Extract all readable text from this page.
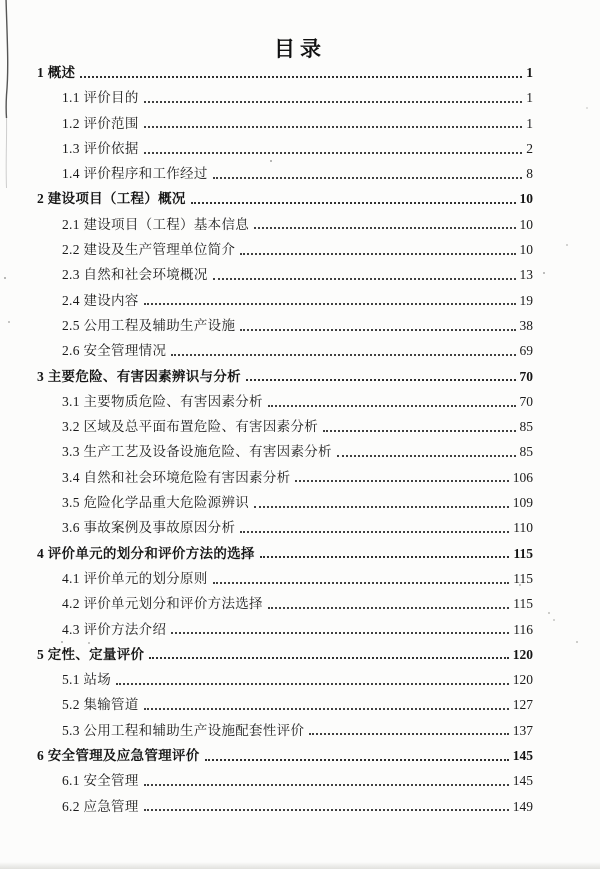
目录
1 概述	1
1.1 评价目的	1
1.2 评价范围	1
1.3 评价依据	2
1.4 评价程序和工作经过	8
2 建设项目（工程）概况	10
2.1 建设项目（工程）基本信息	10
2.2 建设及生产管理单位简介	10
2.3 自然和社会环境概况	13
2.4 建设内容	19
2.5 公用工程及辅助生产设施	38
2.6 安全管理情况	69
3 主要危险、有害因素辨识与分析	70
3.1 主要物质危险、有害因素分析	70
3.2 区域及总平面布置危险、有害因素分析	85
3.3 生产工艺及设备设施危险、有害因素分析	85
3.4 自然和社会环境危险有害因素分析	106
3.5 危险化学品重大危险源辨识	109
3.6 事故案例及事故原因分析	110
4 评价单元的划分和评价方法的选择	115
4.1 评价单元的划分原则	115
4.2 评价单元划分和评价方法选择	115
4.3 评价方法介绍	116
5 定性、定量评价	120
5.1 站场	120
5.2 集输管道	127
5.3 公用工程和辅助生产设施配套性评价	137
6 安全管理及应急管理评价	145
6.1 安全管理	145
6.2 应急管理	149
